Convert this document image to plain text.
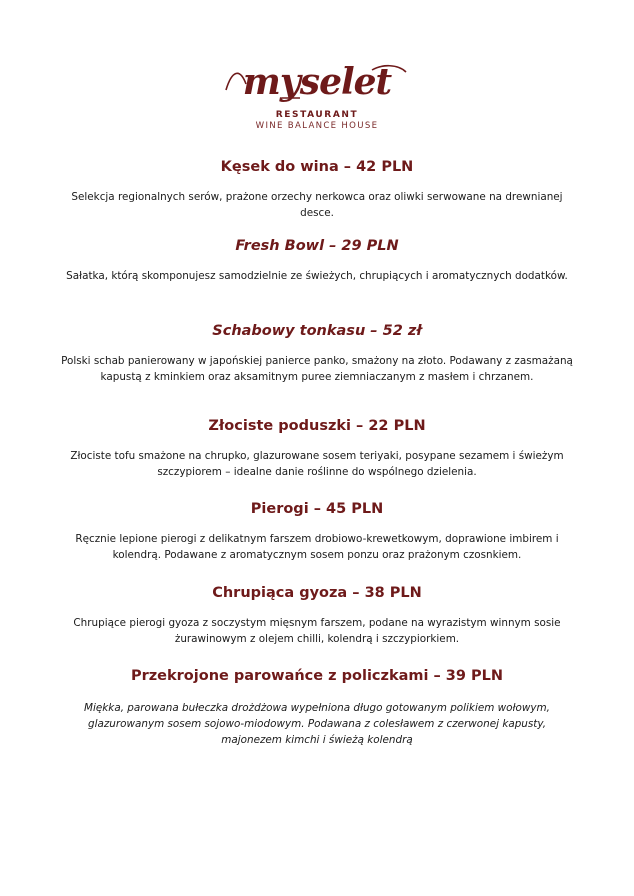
myselet
RESTAURANT
WINE BALANCE HOUSE

Kęsek do wina – 42 PLN

Selekcja regionalnych serów, prażone orzechy nerkowca oraz oliwki serwowane na drewnianej desce.

Fresh Bowl – 29 PLN

Sałatka, którą skomponujesz samodzielnie ze świeżych, chrupiących i aromatycznych dodatków.

Schabowy tonkasu – 52 zł

Polski schab panierowany w japońskiej panierce panko, smażony na złoto. Podawany z zasmażaną kapustą z kminkiem oraz aksamitnym puree ziemniaczanym z masłem i chrzanem.

Złociste poduszki – 22 PLN

Złociste tofu smażone na chrupko, glazurowane sosem teriyaki, posypane sezamem i świeżym szczypiorem – idealne danie roślinne do wspólnego dzielenia.

Pierogi – 45 PLN

Ręcznie lepione pierogi z delikatnym farszem drobiowo-krewetkowym, doprawione imbirem i kolendrą. Podawane z aromatycznym sosem ponzu oraz prażonym czosnkiem.

Chrupiąca gyoza – 38 PLN

Chrupiące pierogi gyoza z soczystym mięsnym farszem, podane na wyrazistym winnym sosie żurawinowym z olejem chilli, kolendrą i szczypiorkiem.

Przekrojone parowańce z policzkami – 39 PLN

Miękka, parowana bułeczka drożdżowa wypełniona długo gotowanym polikiem wołowym, glazurowanym sosem sojowo-miodowym. Podawana z colesławem z czerwonej kapusty, majonezem kimchi i świeżą kolendrą
